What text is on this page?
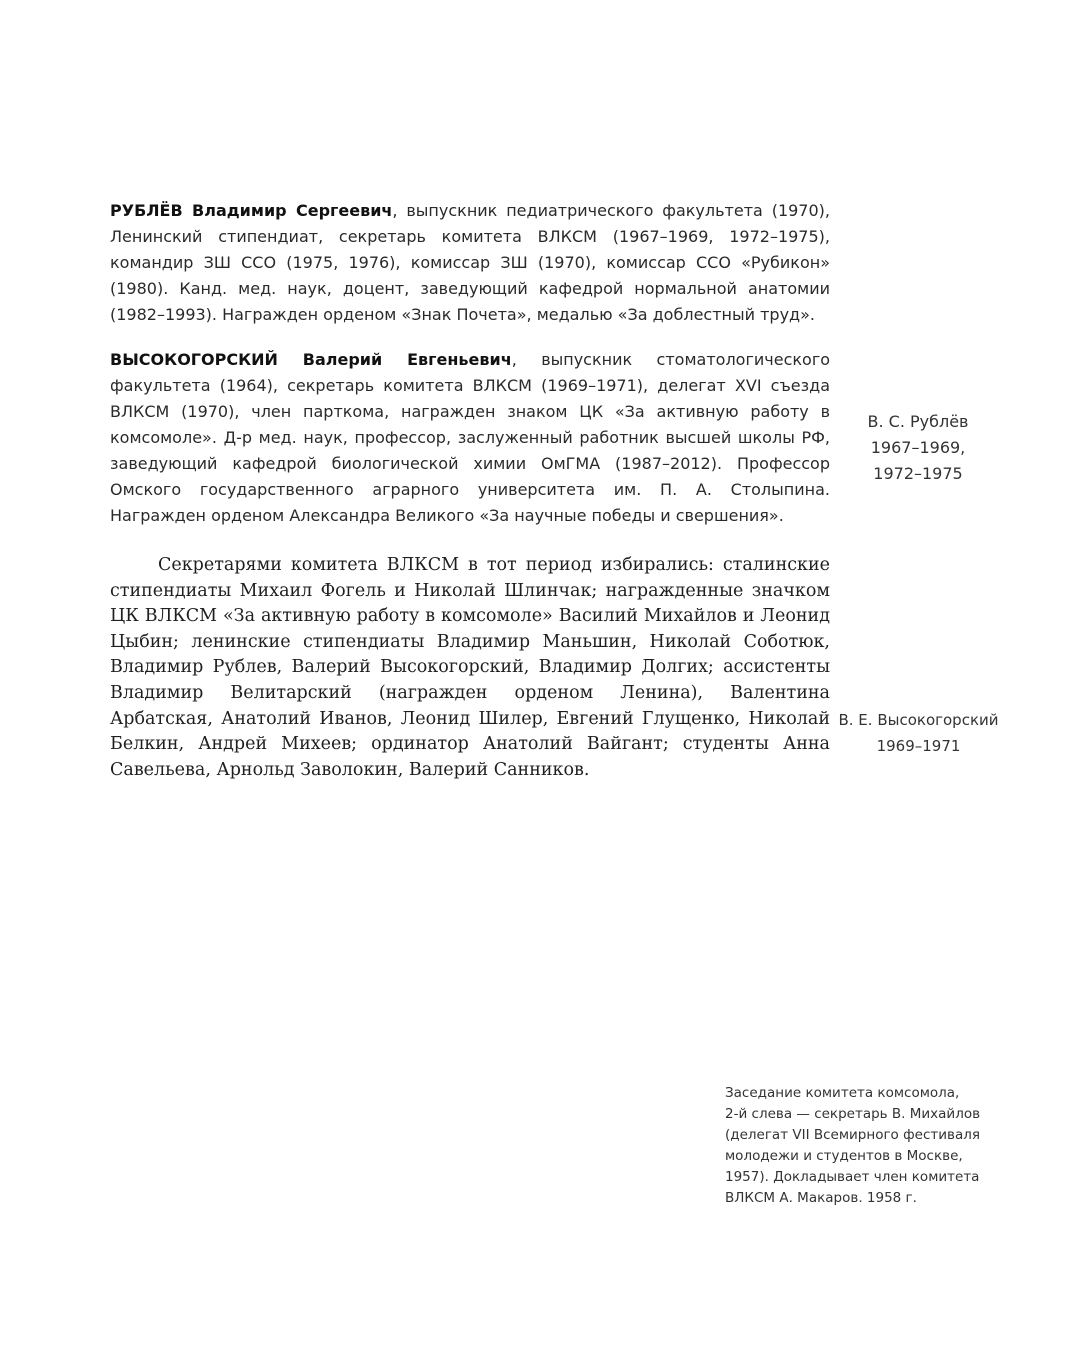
РУБЛЁВ Владимир Сергеевич, выпускник педиатрического факультета (1970), Ленинский стипендиат, секретарь комитета ВЛКСМ (1967–1969, 1972–1975), командир ЗШ ССО (1975, 1976), комиссар ЗШ (1970), комиссар ССО «Рубикон» (1980). Канд. мед. наук, доцент, заведующий кафедрой нормальной анатомии (1982–1993). Награжден орденом «Знак Почета», медалью «За доблестный труд».

ВЫСОКОГОРСКИЙ Валерий Евгеньевич, выпускник стоматологического факультета (1964), секретарь комитета ВЛКСМ (1969–1971), делегат XVI съезда ВЛКСМ (1970), член парткома, награжден знаком ЦК «За активную работу в комсомоле». Д-р мед. наук, профессор, заслуженный работник высшей школы РФ, заведующий кафедрой биологической химии ОмГМА (1987–2012). Профессор Омского государственного аграрного университета им. П. А. Столыпина. Награжден орденом Александра Великого «За научные победы и свершения».

Секретарями комитета ВЛКСМ в тот период избирались: сталинские стипендиаты Михаил Фогель и Николай Шлинчак; награжденные значком ЦК ВЛКСМ «За активную работу в комсомоле» Василий Михайлов и Леонид Цыбин; ленинские стипендиаты Владимир Маньшин, Николай Соботюк, Владимир Рублев, Валерий Высокогорский, Владимир Долгих; ассистенты Владимир Велитарский (награжден орденом Ленина), Валентина Арбатская, Анатолий Иванов, Леонид Шилер, Евгений Глущенко, Николай Белкин, Андрей Михеев; ординатор Анатолий Вайгант; студенты Анна Савельева, Арнольд Заволокин, Валерий Санников.

В. С. Рублёв
1967–1969,
1972–1975
В. Е. Высокогорский
1969–1971
Заседание комитета комсомола,
2-й слева — секретарь В. Михайлов
(делегат VII Всемирного фестиваля
молодежи и студентов в Москве,
1957). Докладывает член комитета
ВЛКСМ А. Макаров. 1958 г.
